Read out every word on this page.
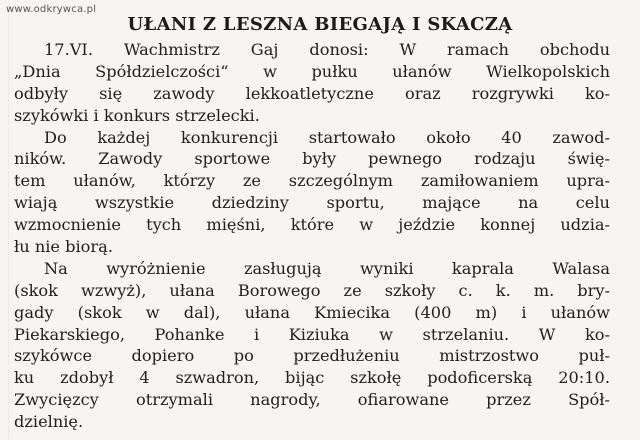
www.odkrywca.pl
UŁANI Z LESZNA BIEGAJĄ I SKACZĄ
17.VI. Wachmistrz Gaj donosi: W ramach obchodu
„Dnia Spółdzielczości“ w pułku ułanów Wielkopolskich
odbyły się zawody lekkoatletyczne oraz rozgrywki ko-
szykówki i konkurs strzelecki.
Do każdej konkurencji startowało około 40 zawod-
ników. Zawody sportowe były pewnego rodzaju świę-
tem ułanów, którzy ze szczególnym zamiłowaniem upra-
wiają wszystkie dziedziny sportu, mające na celu
wzmocnienie tych mięśni, które w jeździe konnej udzia-
łu nie biorą.
Na wyróżnienie zasługują wyniki kaprala Walasa
(skok wzwyż), ułana Borowego ze szkoły c. k. m. bry-
gady (skok w dal), ułana Kmiecika (400 m) i ułanów
Piekarskiego, Pohanke i Kiziuka w strzelaniu. W ko-
szykówce dopiero po przedłużeniu mistrzostwo puł-
ku zdobył 4 szwadron, bijąc szkołę podoficerską 20:10.
Zwycięzcy otrzymali nagrody, ofiarowane przez Spół-
dzielnię.
